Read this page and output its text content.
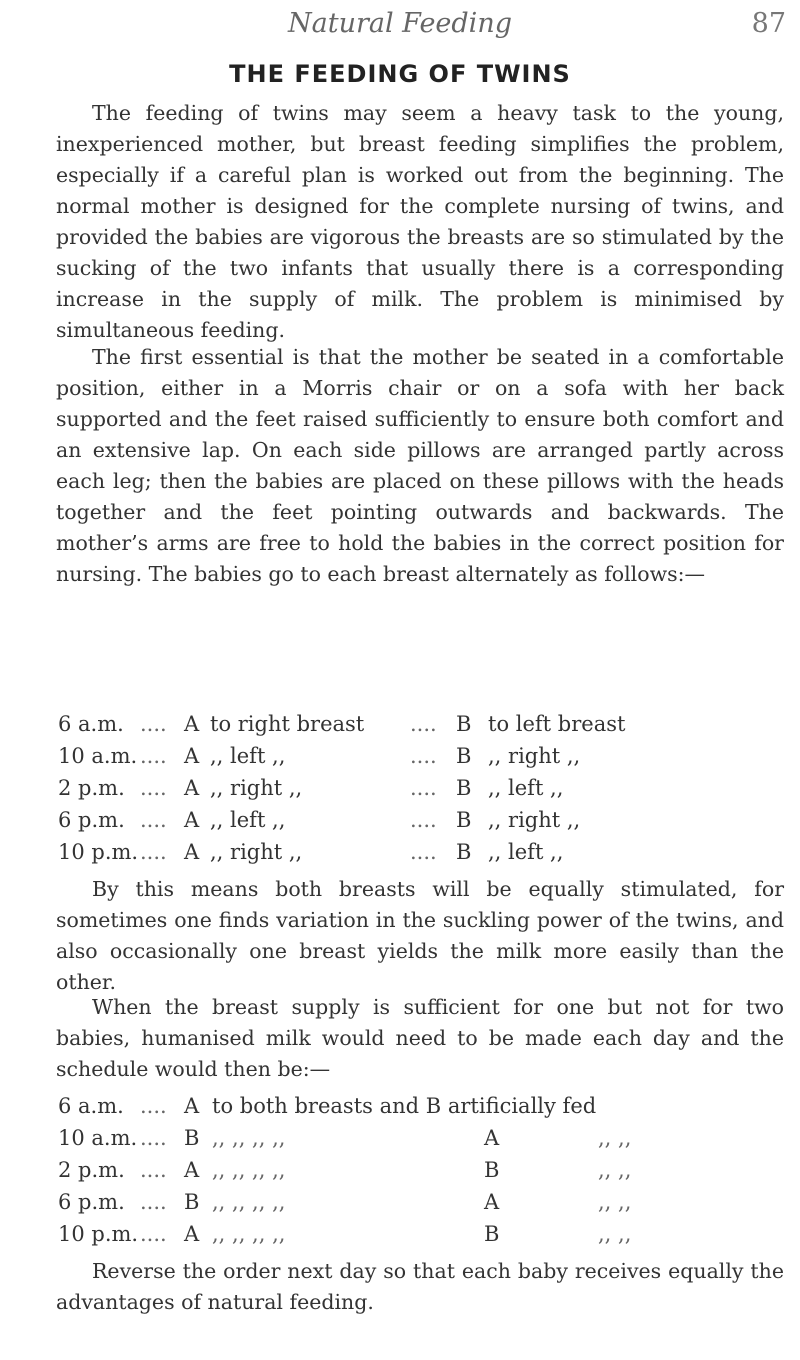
Natural Feeding	87
THE FEEDING OF TWINS

The feeding of twins may seem a heavy task to the young, inexperienced mother, but breast feeding simplifies the problem, especially if a careful plan is worked out from the beginning. The normal mother is designed for the complete nursing of twins, and provided the babies are vigorous the breasts are so stimulated by the sucking of the two infants that usually there is a corresponding increase in the supply of milk. The problem is minimised by simultaneous feeding.

The first essential is that the mother be seated in a comfortable position, either in a Morris chair or on a sofa with her back supported and the feet raised sufficiently to ensure both comfort and an extensive lap. On each side pillows are arranged partly across each leg; then the babies are placed on these pillows with the heads together and the feet pointing outwards and backwards. The mother’s arms are free to hold the babies in the correct position for nursing. The babies go to each breast alternately as follows:—

6 a.m. .... A to right breast .... B to left breast
10 a.m. .... A ,, left ,,	.... B ,, right ,,
2 p.m. .... A ,, right ,,	.... B ,, left ,,
6 p.m. .... A ,, left ,,	.... B ,, right ,,
10 p.m. .... A ,, right ,,	.... B ,, left ,,

By this means both breasts will be equally stimulated, for sometimes one finds variation in the suckling power of the twins, and also occasionally one breast yields the milk more easily than the other.

When the breast supply is sufficient for one but not for two babies, humanised milk would need to be made each day and the schedule would then be:—

6 a.m. .... A to both breasts and B artificially fed
10 a.m. .... B ,, ,, ,, ,,	A	,, ,,
2 p.m. .... A ,, ,, ,, ,,	B	,, ,,
6 p.m. .... B ,, ,, ,, ,,	A	,, ,,
10 p.m. .... A ,, ,, ,, ,,	B	,, ,,

Reverse the order next day so that each baby receives equally the advantages of natural feeding.
